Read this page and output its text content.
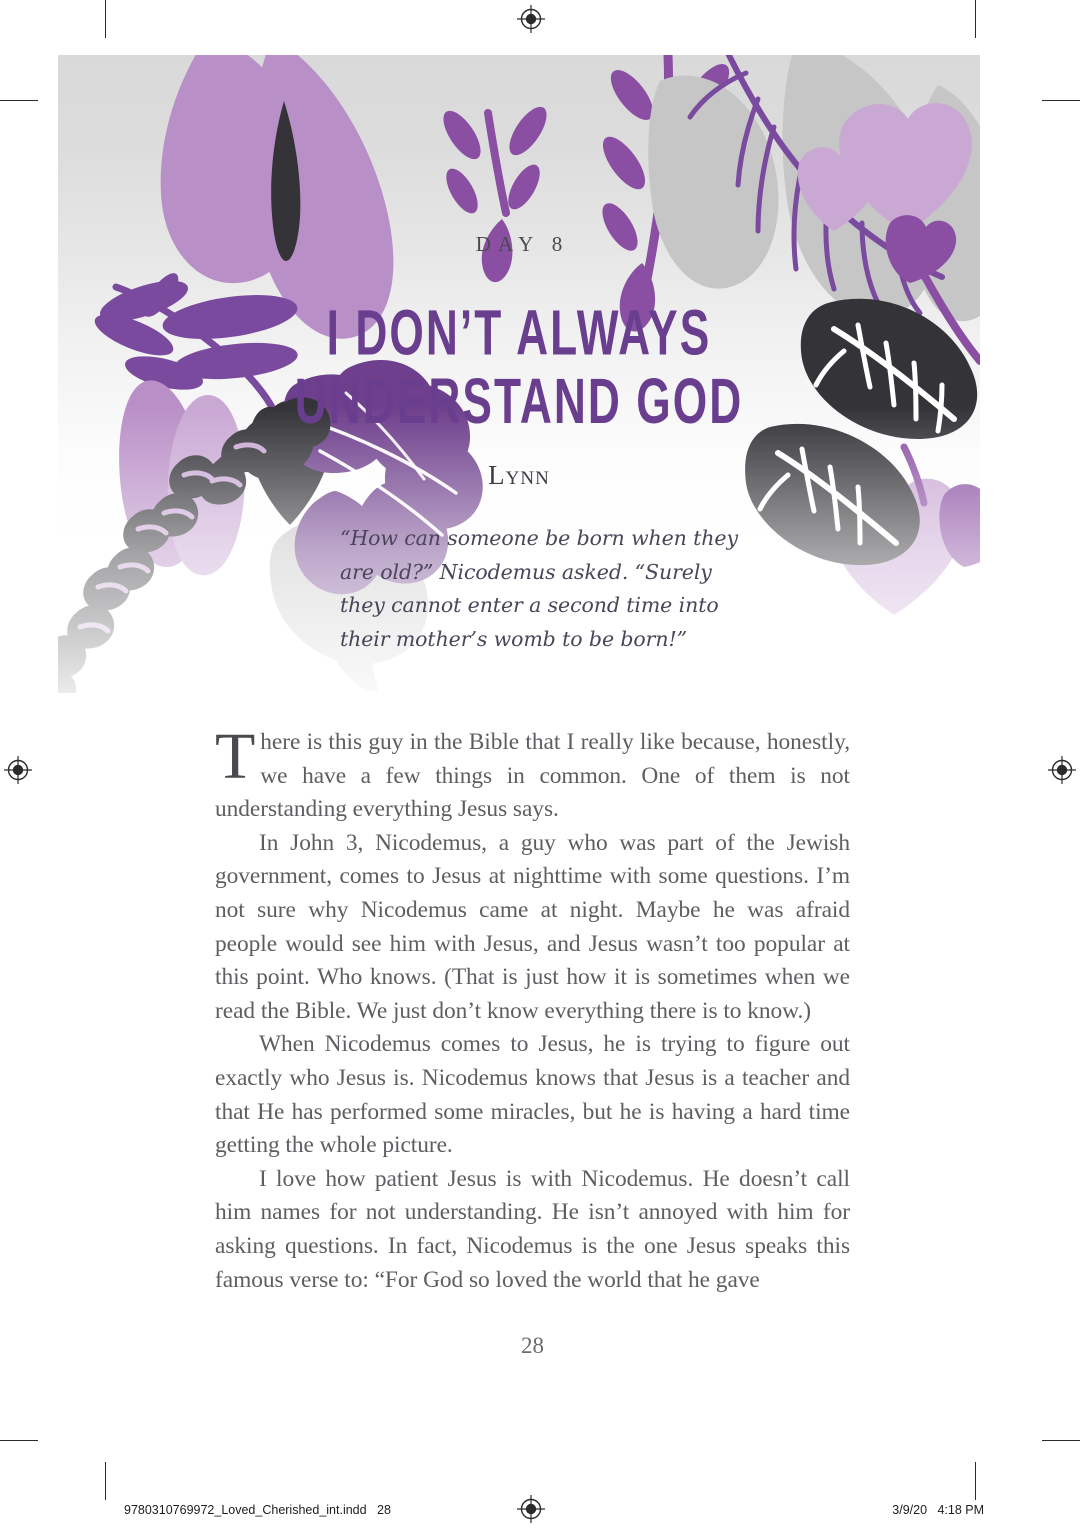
DAY 8
I DON’T ALWAYS
UNDERSTAND GOD
Lynn
“How can someone be born when they are old?” Nicodemus asked. “Surely they cannot enter a second time into their mother’s womb to be born!”

There is this guy in the Bible that I really like because, honestly, we have a few things in common. One of them is not understanding everything Jesus says.

In John 3, Nicodemus, a guy who was part of the Jewish government, comes to Jesus at nighttime with some questions. I’m not sure why Nicodemus came at night. Maybe he was afraid people would see him with Jesus, and Jesus wasn’t too popular at this point. Who knows. (That is just how it is sometimes when we read the Bible. We just don’t know everything there is to know.)

When Nicodemus comes to Jesus, he is trying to figure out exactly who Jesus is. Nicodemus knows that Jesus is a teacher and that He has performed some miracles, but he is having a hard time getting the whole picture.

I love how patient Jesus is with Nicodemus. He doesn’t call him names for not understanding. He isn’t annoyed with him for asking questions. In fact, Nicodemus is the one Jesus speaks this famous verse to: “For God so loved the world that he gave

28
9780310769972_Loved_Cherished_int.indd   28	3/9/20   4:18 PM
